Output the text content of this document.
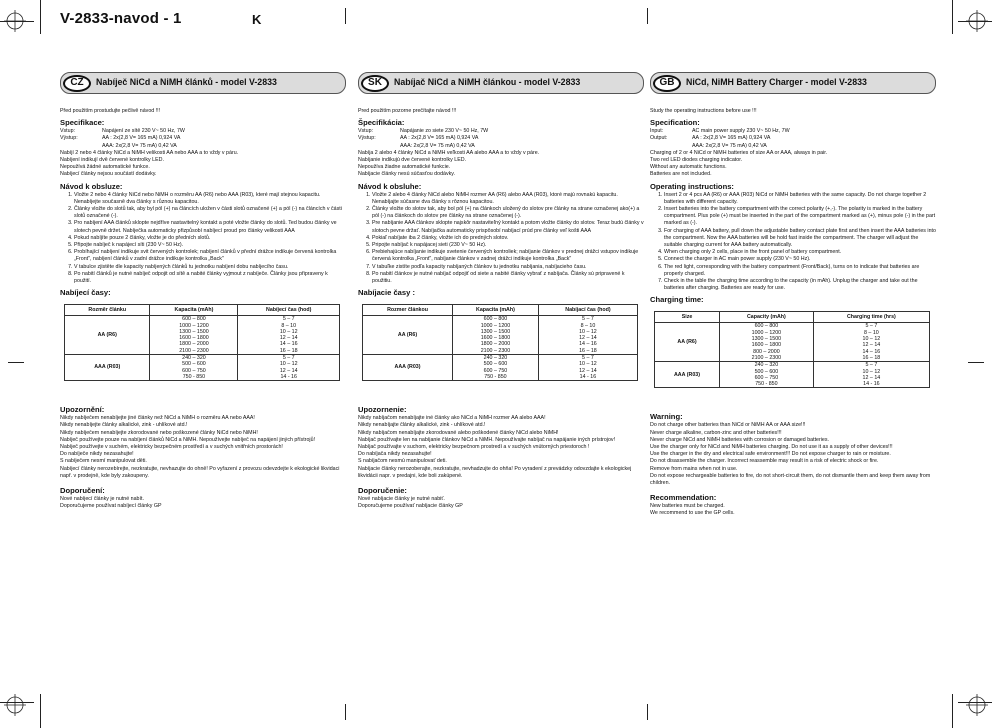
V-2833-navod - 1	K
CZ	Nabíječ NiCd a NiMH článků - model V-2833

Před použitím prostudujte pečlivě návod !!!

Specifikace:
Vstup:	Napájení ze sítě 230 V~ 50 Hz, 7W
Výstup:	AA : 2x(2,8 V= 165 mA) 0,924 VA
AAA: 2x(2,8 V= 75 mA) 0,42 VA

Nabíjí 2 nebo 4 články NiCd a NiMH velikosti AA nebo AAA a to vždy v páru.

Nabíjení indikují dvě červené kontrolky LED.

Nepoužívá žádné automatické funkce.

Nabíjecí články nejsou součástí dodávky.

Návod k obsluze:
1. Vložte 2 nebo 4 články NiCd nebo NiMH o rozměru AA (R6) nebo AAA (R03), které mají stejnou kapacitu. Nenabíjejte současně dva články s různou kapacitou.
2. Články vložte do slotů tak, aby byl pól (+) na článcích uložen v části slotů označené (+) a pól (-) na článcích v části slotů označené (-).
3. Pro nabíjení AAA článků sklopte nejdříve nastavitelný kontakt a poté vložte články do slotů. Ted budou články ve slotech pevně držet. Nabíječka automaticky přizpůsobí nabíjecí proud pro články velikosti AAA
4. Pokud nabíjíte pouze 2 články, vložte je do předních slotů.
5. Připojte nabíječ k napájecí síti (230 V~ 50 Hz).
6. Probíhající nabíjení indikuje svit červených kontrolek; nabíjení článků v přední drážce indikuje červená kontrolka „Front", nabíjení článků v zadní drážce indikuje kontrolka „Back"
7. V tabulce zjistěte dle kapacity nabíjených článků tu jednotku nabíjení dobu nabíjecího času.
8. Po nabití článků je nutné nabíječ odpojit od sítě a nabité články vyjmout z nabíječe. Články jsou připraveny k použití.
Nabíjecí časy:
Rozměr článku	Kapacita (mAh)	Nabíjecí čas (hod)
AA (R6)	600 – 800	5 – 7
	1000 – 1200	8 – 10
	1300 – 1500	10 – 12
	1600 – 1800	12 – 14
	1800 – 2000	14 – 16
	2100 – 2300	16 – 18
AAA (R03)	240 – 320	5 – 7
	500 – 600	10 – 12
	600 – 750	12 – 14
	750 - 850	14 - 16
Upozornění:

Nikdy nabíječem nenabíjejte jiné články než NiCd a NiMH o rozměru AA nebo AAA!

Nikdy nenabíjejte články alkalické, zink - uhlíkové atd.!

Nikdy nabíječem nenabíjejte zkorodované nebo poškozené články NiCd nebo NiMH!

Nabíječ používejte pouze na nabíjení článků NiCd a NiMH. Nepoužívejte nabíječ na napájení jiných přístrojů!

Nabíječ používejte v suchém, elektricky bezpečném prostředí a v suchých vnitřních prostorách!

Do nabíječe nikdy nezasahujte!

S nabíječem nesmí manipulovat děti.

Nabíjecí články nerozebírejte, nezkratujte, nevhazujte do ohně! Po vyřazení z provozu odevzdejte k ekologické likvidaci např. v prodejně, kde byly zakoupeny.

Doporučení:

Nové nabíjecí články je nutné nabít.

Doporučujeme používat nabíjecí články GP

SK	Nabíjač NiCd a NiMH článkou - model V-2833

Pred použitím pozorne prečítajte návod !!!

Špecifikácia:
Vstup:	Napájanie zo siete 230 V~ 50 Hz, 7W
Výstup:	AA : 2x(2,8 V= 165 mA) 0,924 VA
AAA: 2x(2,8 V= 75 mA) 0,42 VA

Nabíja 2 alebo 4 články NiCd a NiMH veľkosti AA alebo AAA a to vždy v páre.

Nabíjanie indikujú dve červené kontrolky LED.

Nepoužíva žiadne automatické funkcie.

Nabíjacie články nesú súčasťou dodávky.

Návod k obsluhe:
1. Vložte 2 alebo 4 články NiCd alebo NiMH rozmer AA (R6) alebo AAA (R03), ktoré majú rovnakú kapacitu. Nenabíjajte súčasne dva články s rôznou kapacitou.
2. Články vložte do slotov tak, aby bol pól (+) na článkoch uložený do slotov pre články na strane označenej ako(+) a pól (-) na článkoch do slotov pre články na strane označenej (-).
3. Pre nabíjanie AAA článkov sklopte najskôr nastaviteľný kontakt a potom vložte články do slotov. Teraz budú články v slotoch pevne držať. Nabíjačka automaticky prispôsobí nabíjací prúd pre články veľ košti AAA
4. Pokiaľ nabíjate iba 2 články, vložte ich do predných slotov.
5. Pripojte nabíjač k napájacej sieti (230 V~ 50 Hz).
6. Prebiehajúce nabíjanie indikuje svetenie červených kontroliek; nabíjanie článkov v prednej drážci vstupov indikuje červená kontrolka „Front", nabíjanie článkov v zadnej drážci indikuje kontrolka „Back"
7. V tabuľke zistíte podľa kapacity nabíjaných článkov tu jednotku nabíjania, nabíjacieho času.
8. Po nabití článkov je nutné nabíjač odpojiť od siete a nabité články vybrať z nabíjača. Články sú pripravené k použitiu.
Nabíjacie časy :
Rozmer článkou	Kapacita (mAh)	Nabíjací čas (hod)
AA (R6)	600 – 800	5 – 7
	1000 – 1200	8 – 10
	1300 – 1500	10 – 12
	1600 – 1800	12 – 14
	1800 – 2000	14 – 16
	2100 – 2300	16 – 18
AAA (R03)	240 – 320	5 – 7
	500 – 600	10 – 12
	600 – 750	12 – 14
	750 - 850	14 - 16
Upozornenie:

Nikdy nabíjačom nenabíjajte iné články ako NiCd a NiMH rozmer AA alebo AAA!

Nikdy nenabíjajte články alkalické, zink - uhlíkové atd.!

Nikdy nabíjačom nenabíjajte zkorodované alebo poškodené články NiCd alebo NiMH!

Nabíjač používajte len na nabíjanie článkov NiCd a NiMH. Nepoužívajte nabíjač na napájanie iných prístrojov!

Nabíjač používajte v suchom, elektricky bezpečnom prostredí a v suchých vnútorných priestoroch !

Do nabíjača nikdy nezasahujte!

S nabíjačom nesmú manipulovať deti.

Nabíjacie články nerozoberajte, nezkratujte, nevhadzujte do ohňa! Po vyradení z prevádzky odovzdajte k ekologickej likvidácii napr. v predajni, kde boli zakúpené.

Doporučenie:

Nové nabíjacie články je nutné nabiť.

Doporučujeme používať nabíjacie články GP

GB	NiCd, NiMH Battery Charger - model V-2833

Study the operating instructions before use !!!

Specification:
Input:	AC main power supply 230 V~ 50 Hz, 7W
Output:	AA : 2x(2,8 V= 165 mA) 0,924 VA
AAA: 2x(2,8 V= 75 mA) 0,42 VA

Charging of 2 or 4 NiCd or NiMH batteries of size AA or AAA, always in pair.

Two red LED diodes charging indicator.

Without any automatic functions.

Batteries are not included.

Operating instructions:
1. Insert 2 or 4 pcs AA (R6) or AAA (R03) NiCd or NiMH batteries with the same capacity. Do not charge together 2 batteries with different capacity.
2. Insert batteries into the battery compartment with the correct polarity (+,-). The polarity is marked in the battery compartment. Plus pole (+) must be inserted in the part of the compartment marked as (+), minus pole (-) in the part marked as (-).
3. For charging of AAA battery, pull down the adjustable battery contact plate first and then insert the AAA batteries into the compartment. Now the AAA batteries will be hold fast inside the compartment. The charger will adjust the suitable charging current for AAA battery automatically.
4. When charging only 2 cells, place in the front panel of battery compartment.
5. Connect the charger in AC main power supply (230 V~ 50 Hz).
6. The red light, corresponding with the battery compartment (Front/Back), turns on to indicate that batteries are properly charged.
7. Check in the table the charging time according to the capacity (in mAh). Unplug the charger and take out the batteries after charging. Batteries are ready for use.
Charging time:
Size	Capacity (mAh)	Charging time (hrs)
AA (R6)	600 – 800	5 – 7
	1000 – 1200	8 – 10
	1300 – 1500	10 – 12
	1600 – 1800	12 – 14
	800 – 2000	14 – 16
	2100 – 2300	16 – 18
AAA (R03)	240 – 320	5 – 7
	500 – 600	10 – 12
	600 – 750	12 – 14
	750 - 850	14 - 16
Warning:

Do not charge other batteries than NiCd or NiMH AA or AAA size!!!

Never charge alkaline, carbon-zinc and other batteries!!!

Never charge NiCd and NiMH batteries with corrosion or damaged batteries.

Use the charger only for NiCd and NiMH batteries charging. Do not use it as a supply of other devices!!!

Use the charger in the dry and electrical safe environment!!! Do not expose charger to rain or moisture.

Do not disassemble the charger. Incorrect reassemble may result in a risk of electric shock or fire.

Remove from mains when not in use.

Do not expose rechargeable batteries to fire, do not short-circuit them, do not dismantle them and keep them away from children.

Recommendation:

New batteries must be charged.

We recommend to use the GP cells.
